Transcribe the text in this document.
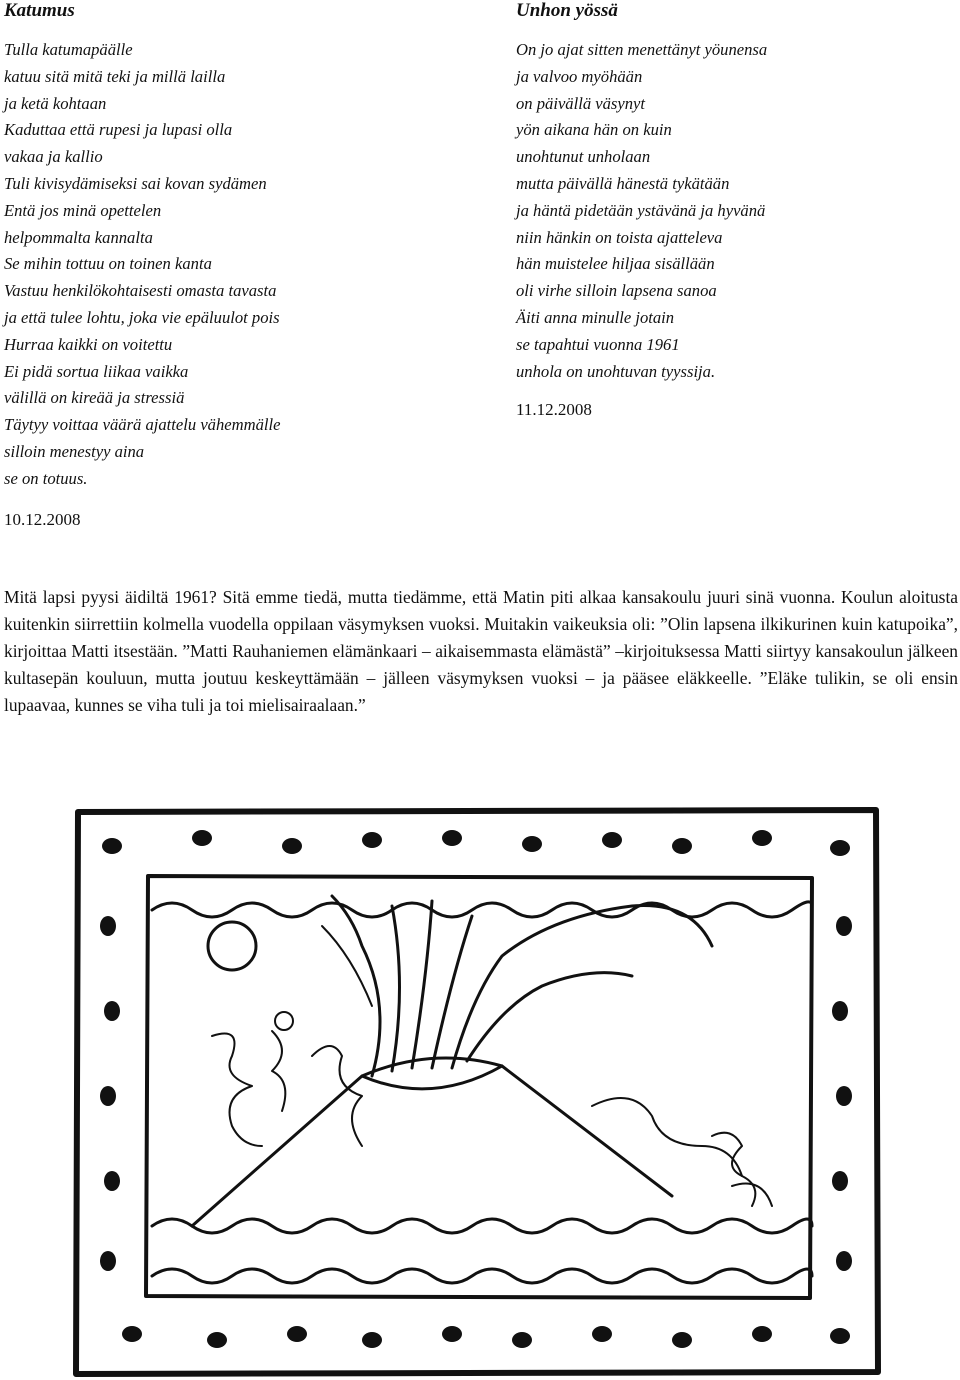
Katumus
Tulla katumapäälle
katuu sitä mitä teki ja millä lailla
ja ketä kohtaan
Kaduttaa että rupesi ja lupasi olla
vakaa ja kallio
Tuli kivisydämiseksi sai kovan sydämen
Entä jos minä opettelen
helpommalta kannalta
Se mihin tottuu on toinen kanta
Vastuu henkilökohtaisesti omasta tavasta
ja että tulee lohtu, joka vie epäluulot pois
Hurraa kaikki on voitettu
Ei pidä sortua liikaa vaikka
välillä on kireää ja stressiä
Täytyy voittaa väärä ajattelu vähemmälle
silloin menestyy aina
se on totuus.
10.12.2008
Unhon yössä
On jo ajat sitten menettänyt yöunensa
ja valvoo myöhään
on päivällä väsynyt
yön aikana hän on kuin
unohtunut unholaan
mutta päivällä hänestä tykätään
ja häntä pidetään ystävänä ja hyvänä
niin hänkin on toista ajatteleva
hän muistelee hiljaa sisällään
oli virhe silloin lapsena sanoa
Äiti anna minulle jotain
se tapahtui vuonna 1961
unhola on unohtuvan tyyssija.
11.12.2008

Mitä lapsi pyysi äidiltä 1961? Sitä emme tiedä, mutta tiedämme, että Matin piti alkaa kansakoulu juuri sinä vuonna. Koulun aloitusta kuitenkin siirrettiin kolmella vuodella oppilaan väsymyksen vuoksi. Muitakin vaikeuksia oli: ”Olin lapsena ilkikurinen kuin katupoika”, kirjoittaa Matti itsestään. ”Matti Rauhaniemen elämänkaari – aikaisemmasta elämästä” –kirjoituksessa Matti siirtyy kansakoulun jälkeen kultasepän kouluun, mutta joutuu keskeyttämään – jälleen väsymyksen vuoksi – ja pääsee eläkkeelle. ”Eläke tulikin, se oli ensin lupaavaa, kunnes se viha tuli ja toi mielisairaalaan.”
